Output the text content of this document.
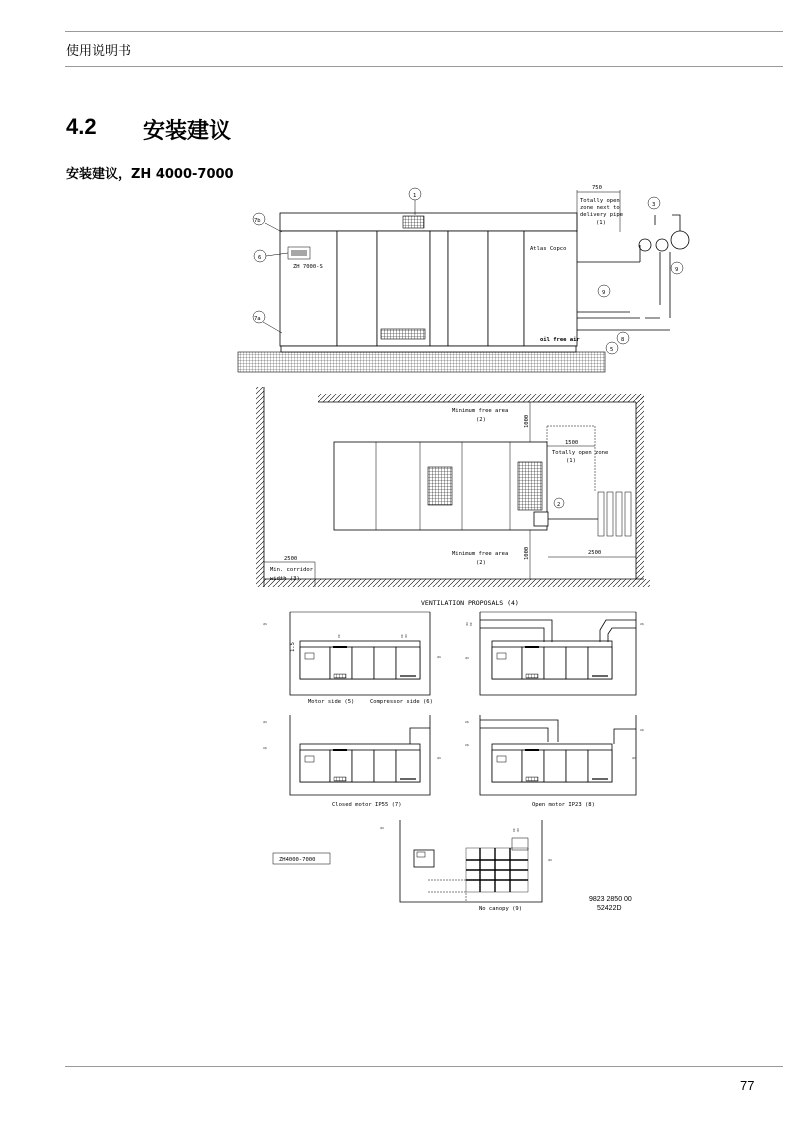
使用说明书
4.2 安装建议
安装建议，ZH 4000-7000
ZH 7000-S
Atlas Copco
oil free air
750
Totally open
zone next to
delivery pipe
(1)
1
3
7b
6
7a
9
9
8
5
1000
1000
1500
Totally open zone
(1)
Minimum free area
(2)
Minimum free area
(2)
2500
2
2500
Min. corridor
width (3)
VENTILATION PROPOSALS (4)
⇦
⇦
⇧	⇧⇩
1.5
Motor side (5)	Compressor side (6)
⇩⇧	⇨
⇦
⇦
⇨
⇦
Closed motor IP55 (7)
⇨
⇨
⇨
⇦
Open motor IP23 (8)
⇦	⇧⇩
⇦
No canopy (9)
ZH4000-7000
9823 2850 00
52422D
77
